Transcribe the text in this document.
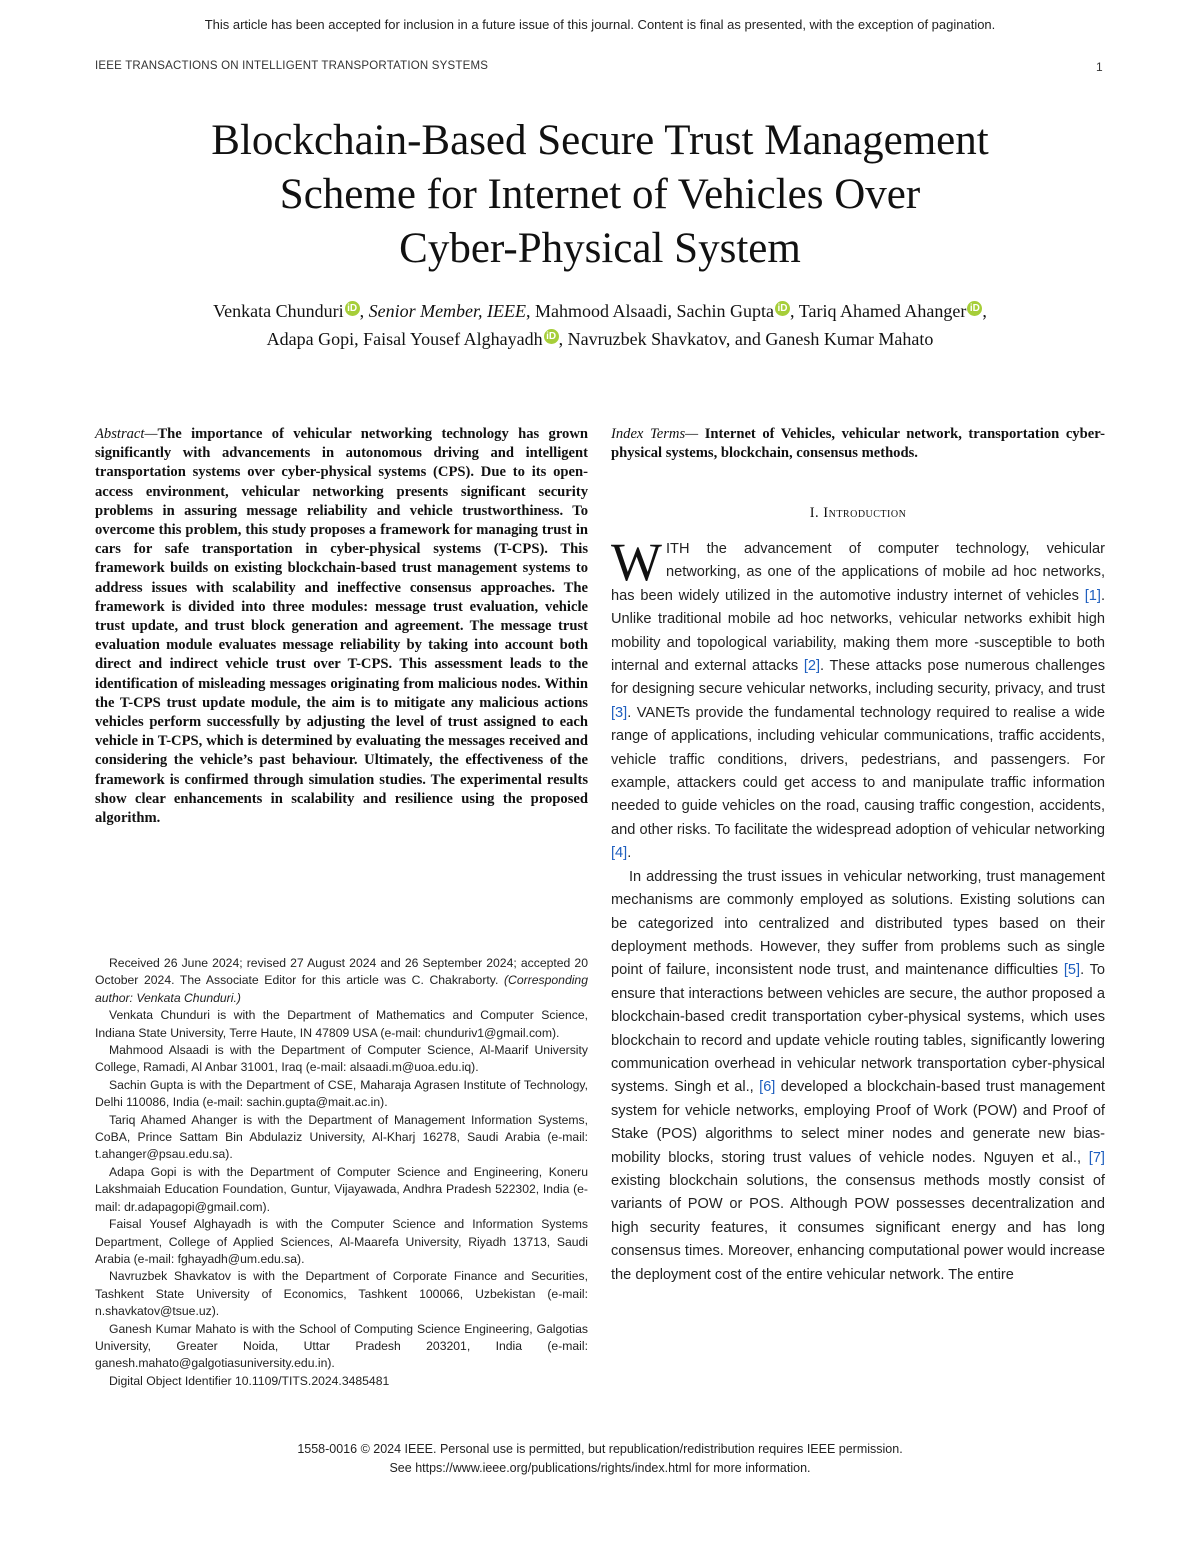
This article has been accepted for inclusion in a future issue of this journal. Content is final as presented, with the exception of pagination.
IEEE TRANSACTIONS ON INTELLIGENT TRANSPORTATION SYSTEMS	1
Blockchain-Based Secure Trust Management
Scheme for Internet of Vehicles Over
Cyber-Physical System
Venkata Chunduri iD , Senior Member, IEEE, Mahmood Alsaadi, Sachin Gupta iD , Tariq Ahamed Ahanger iD ,
Adapa Gopi, Faisal Yousef Alghayadh iD , Navruzbek Shavkatov, and Ganesh Kumar Mahato
Abstract—The importance of vehicular networking technology has grown significantly with advancements in autonomous driving and intelligent transportation systems over cyber-physical systems (CPS). Due to its open-access environment, vehicular networking presents significant security problems in assuring message reliability and vehicle trustworthiness. To overcome this problem, this study proposes a framework for managing trust in cars for safe transportation in cyber-physical systems (T-CPS). This framework builds on existing blockchain-based trust management systems to address issues with scalability and ineffective consensus approaches. The framework is divided into three modules: message trust evaluation, vehicle trust update, and trust block generation and agreement. The message trust evaluation module evaluates message reliability by taking into account both direct and indirect vehicle trust over T-CPS. This assessment leads to the identification of misleading messages originating from malicious nodes. Within the T-CPS trust update module, the aim is to mitigate any malicious actions vehicles perform successfully by adjusting the level of trust assigned to each vehicle in T-CPS, which is determined by evaluating the messages received and considering the vehicle’s past behaviour. Ultimately, the effectiveness of the framework is confirmed through simulation studies. The experimental results show clear enhancements in scalability and resilience using the proposed algorithm.

Received 26 June 2024; revised 27 August 2024 and 26 September 2024; accepted 20 October 2024. The Associate Editor for this article was C. Chakraborty. (Corresponding author: Venkata Chunduri.)

Venkata Chunduri is with the Department of Mathematics and Computer Science, Indiana State University, Terre Haute, IN 47809 USA (e-mail: chunduriv1@gmail.com).

Mahmood Alsaadi is with the Department of Computer Science, Al-Maarif University College, Ramadi, Al Anbar 31001, Iraq (e-mail: alsaadi.m@uoa.edu.iq).

Sachin Gupta is with the Department of CSE, Maharaja Agrasen Institute of Technology, Delhi 110086, India (e-mail: sachin.gupta@mait.ac.in).

Tariq Ahamed Ahanger is with the Department of Management Information Systems, CoBA, Prince Sattam Bin Abdulaziz University, Al-Kharj 16278, Saudi Arabia (e-mail: t.ahanger@psau.edu.sa).

Adapa Gopi is with the Department of Computer Science and Engineering, Koneru Lakshmaiah Education Foundation, Guntur, Vijayawada, Andhra Pradesh 522302, India (e-mail: dr.adapagopi@gmail.com).

Faisal Yousef Alghayadh is with the Computer Science and Information Systems Department, College of Applied Sciences, Al-Maarefa University, Riyadh 13713, Saudi Arabia (e-mail: fghayadh@um.edu.sa).

Navruzbek Shavkatov is with the Department of Corporate Finance and Securities, Tashkent State University of Economics, Tashkent 100066, Uzbekistan (e-mail: n.shavkatov@tsue.uz).

Ganesh Kumar Mahato is with the School of Computing Science Engineering, Galgotias University, Greater Noida, Uttar Pradesh 203201, India (e-mail: ganesh.mahato@galgotiasuniversity.edu.in).

Digital Object Identifier 10.1109/TITS.2024.3485481

Index Terms— Internet of Vehicles, vehicular network, transportation cyber-physical systems, blockchain, consensus methods.
I. Introduction

WITH the advancement of computer technology, vehicular networking, as one of the applications of mobile ad hoc networks, has been widely utilized in the automotive industry internet of vehicles [1]. Unlike traditional mobile ad hoc networks, vehicular networks exhibit high mobility and topological variability, making them more -susceptible to both internal and external attacks [2]. These attacks pose numerous challenges for designing secure vehicular networks, including security, privacy, and trust [3]. VANETs provide the fundamental technology required to realise a wide range of applications, including vehicular communications, traffic accidents, vehicle traffic conditions, drivers, pedestrians, and passengers. For example, attackers could get access to and manipulate traffic information needed to guide vehicles on the road, causing traffic congestion, accidents, and other risks. To facilitate the widespread adoption of vehicular networking [4].

In addressing the trust issues in vehicular networking, trust management mechanisms are commonly employed as solutions. Existing solutions can be categorized into centralized and distributed types based on their deployment methods. However, they suffer from problems such as single point of failure, inconsistent node trust, and maintenance difficulties [5]. To ensure that interactions between vehicles are secure, the author proposed a blockchain-based credit transportation cyber-physical systems, which uses blockchain to record and update vehicle routing tables, significantly lowering communication overhead in vehicular network transportation cyber-physical systems. Singh et al., [6] developed a blockchain-based trust management system for vehicle networks, employing Proof of Work (POW) and Proof of Stake (POS) algorithms to select miner nodes and generate new bias-mobility blocks, storing trust values of vehicle nodes. Nguyen et al., [7] existing blockchain solutions, the consensus methods mostly consist of variants of POW or POS. Although POW possesses decentralization and high security features, it consumes significant energy and has long consensus times. Moreover, enhancing computational power would increase the deployment cost of the entire vehicular network. The entire

1558-0016 © 2024 IEEE. Personal use is permitted, but republication/redistribution requires IEEE permission.
See https://www.ieee.org/publications/rights/index.html for more information.
